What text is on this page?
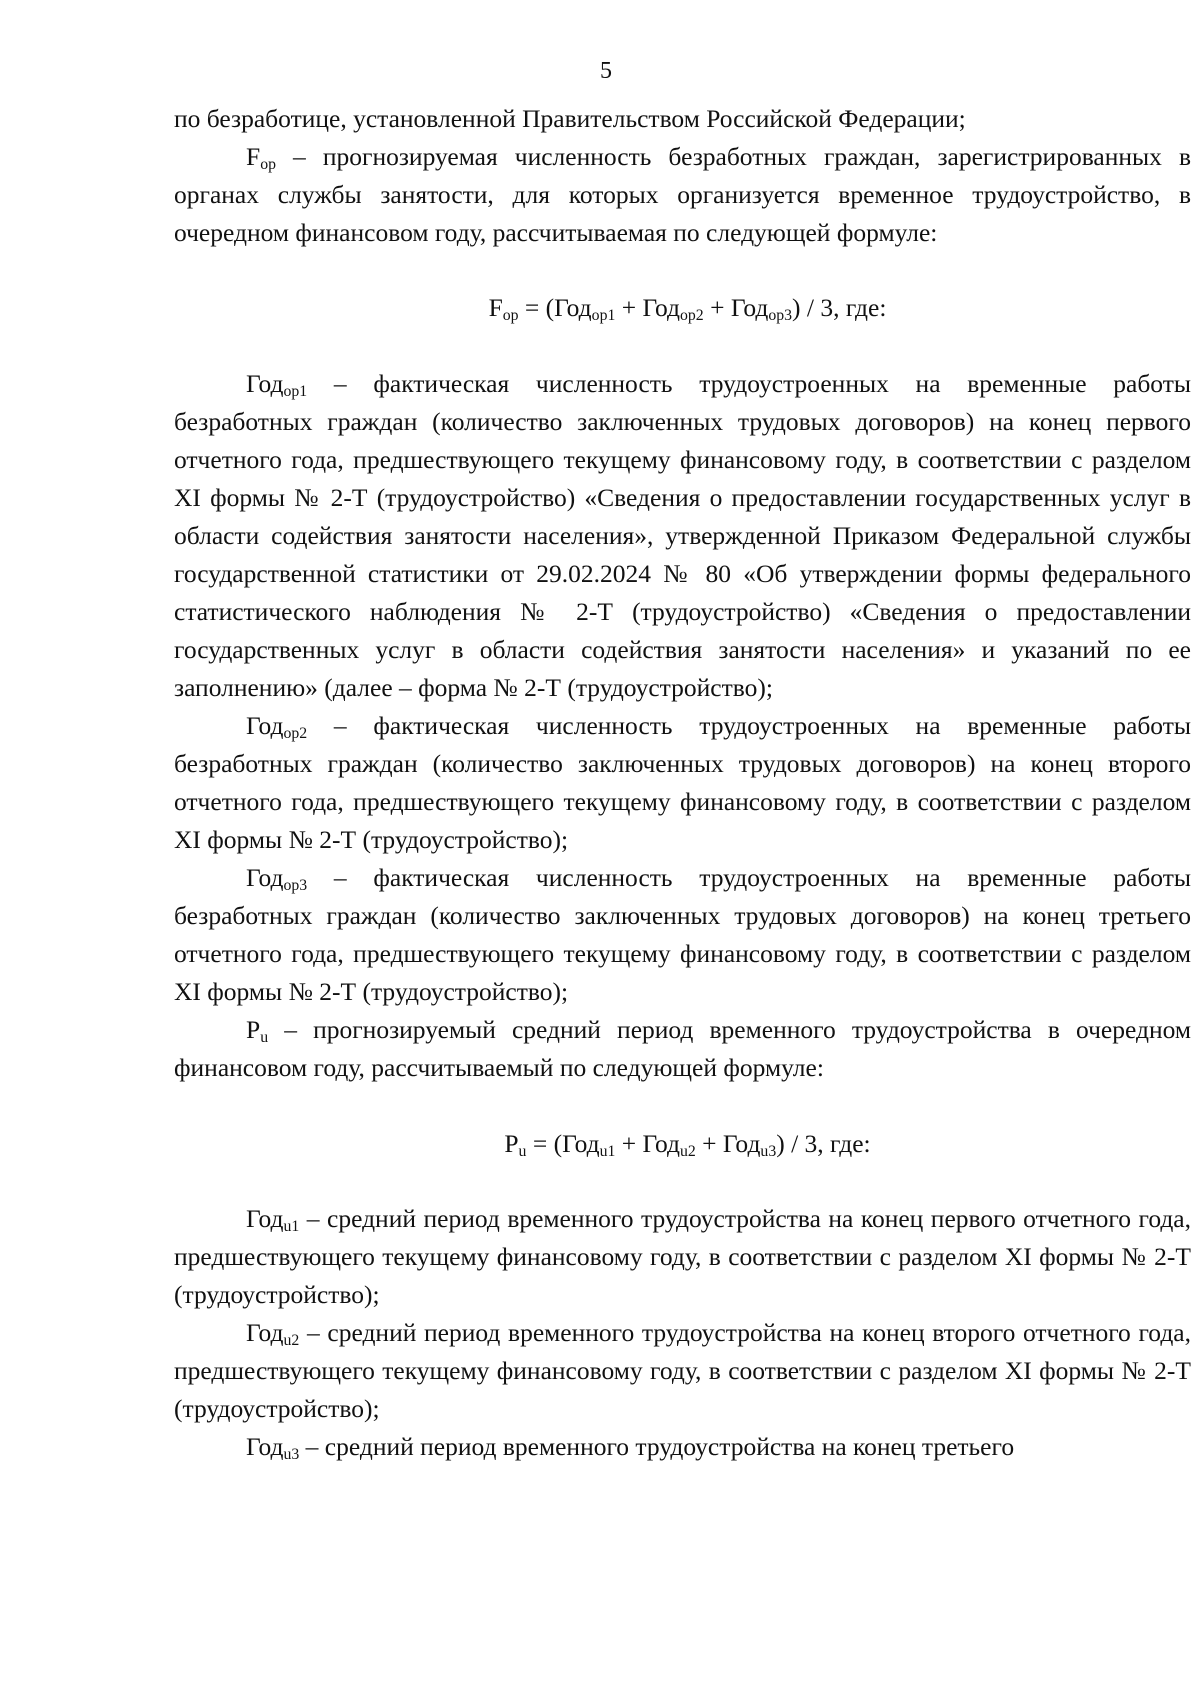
5

по безработице, установленной Правительством Российской Федерации;

$F_{op}$ – прогнозируемая численность безработных граждан, зарегистрированных в органах службы занятости, для которых организуется временное трудоустройство, в очередном финансовом году, рассчитываемая по следующей формуле:

$F_{op} = (Год_{op1} + Год_{op2} + Год_{op3}) / 3$, где:

Год$_{op1}$ – фактическая численность трудоустроенных на временные работы безработных граждан (количество заключенных трудовых договоров) на конец первого отчетного года, предшествующего текущему финансовому году, в соответствии с разделом XI формы № 2-Т (трудоустройство) «Сведения о предоставлении государственных услуг в области содействия занятости населения», утвержденной Приказом Федеральной службы государственной статистики от 29.02.2024 № 80 «Об утверждении формы федерального статистического наблюдения № 2-Т (трудоустройство) «Сведения о предоставлении государственных услуг в области содействия занятости населения» и указаний по ее заполнению» (далее – форма № 2-Т (трудоустройство);

Год$_{op2}$ – фактическая численность трудоустроенных на временные работы безработных граждан (количество заключенных трудовых договоров) на конец второго отчетного года, предшествующего текущему финансовому году, в соответствии с разделом XI формы № 2-Т (трудоустройство);

Год$_{op3}$ – фактическая численность трудоустроенных на временные работы безработных граждан (количество заключенных трудовых договоров) на конец третьего отчетного года, предшествующего текущему финансовому году, в соответствии с разделом XI формы № 2-Т (трудоустройство);

$P_u$ – прогнозируемый средний период временного трудоустройства в очередном финансовом году, рассчитываемый по следующей формуле:

$P_u = (Год_{u1} + Год_{u2} + Год_{u3}) / 3$, где:

Год$_{u1}$ – средний период временного трудоустройства на конец первого отчетного года, предшествующего текущему финансовому году, в соответствии с разделом XI формы № 2-Т (трудоустройство);

Год$_{u2}$ – средний период временного трудоустройства на конец второго отчетного года, предшествующего текущему финансовому году, в соответствии с разделом XI формы № 2-Т (трудоустройство);

Год$_{u3}$ – средний период временного трудоустройства на конец третьего
